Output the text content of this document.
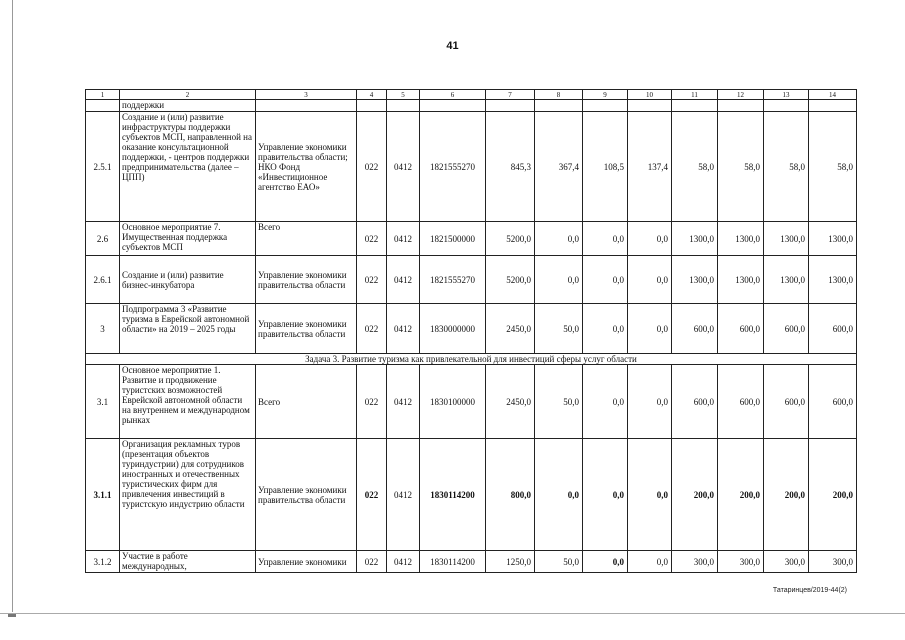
41
1	2	3	4	5	6	7	8	9	10	11	12	13	14
	поддержки												
2.5.1	Создание и (или) развитие инфраструктуры поддержки субъектов МСП, направленной на оказание консультационной поддержки, - центров поддержки предпринимательства (далее – ЦПП)	Управление экономики правительства области; НКО Фонд «Инвестиционное агентство ЕАО»	022	0412	1821555270	845,3	367,4	108,5	137,4	58,0	58,0	58,0	58,0
2.6	Основное мероприятие 7. Имущественная поддержка субъектов МСП	Всего	022	0412	1821500000	5200,0	0,0	0,0	0,0	1300,0	1300,0	1300,0	1300,0
2.6.1	Создание и (или) развитие бизнес-инкубатора	Управление экономики правительства области	022	0412	1821555270	5200,0	0,0	0,0	0,0	1300,0	1300,0	1300,0	1300,0
3	Подпрограмма 3 «Развитие туризма в Еврейской автономной области» на 2019 – 2025 годы	Управление экономики правительства области	022	0412	1830000000	2450,0	50,0	0,0	0,0	600,0	600,0	600,0	600,0
Задача 3. Развитие туризма как привлекательной для инвестиций сферы услуг области													
3.1	Основное мероприятие 1. Развитие и продвижение туристских возможностей Еврейской автономной области на внутреннем и международном рынках	Всего	022	0412	1830100000	2450,0	50,0	0,0	0,0	600,0	600,0	600,0	600,0
3.1.1	Организация рекламных туров (презентация объектов туриндустрии) для сотрудников иностранных и отечественных туристических фирм для привлечения инвестиций в туристскую индустрию области	Управление экономики правительства области	022	0412	1830114200	800,0	0,0	0,0	0,0	200,0	200,0	200,0	200,0
3.1.2	Участие в работе международных,	Управление экономики	022	0412	1830114200	1250,0	50,0	0,0	0,0	300,0	300,0	300,0	300,0
Татаринцев/2019-44(2)
